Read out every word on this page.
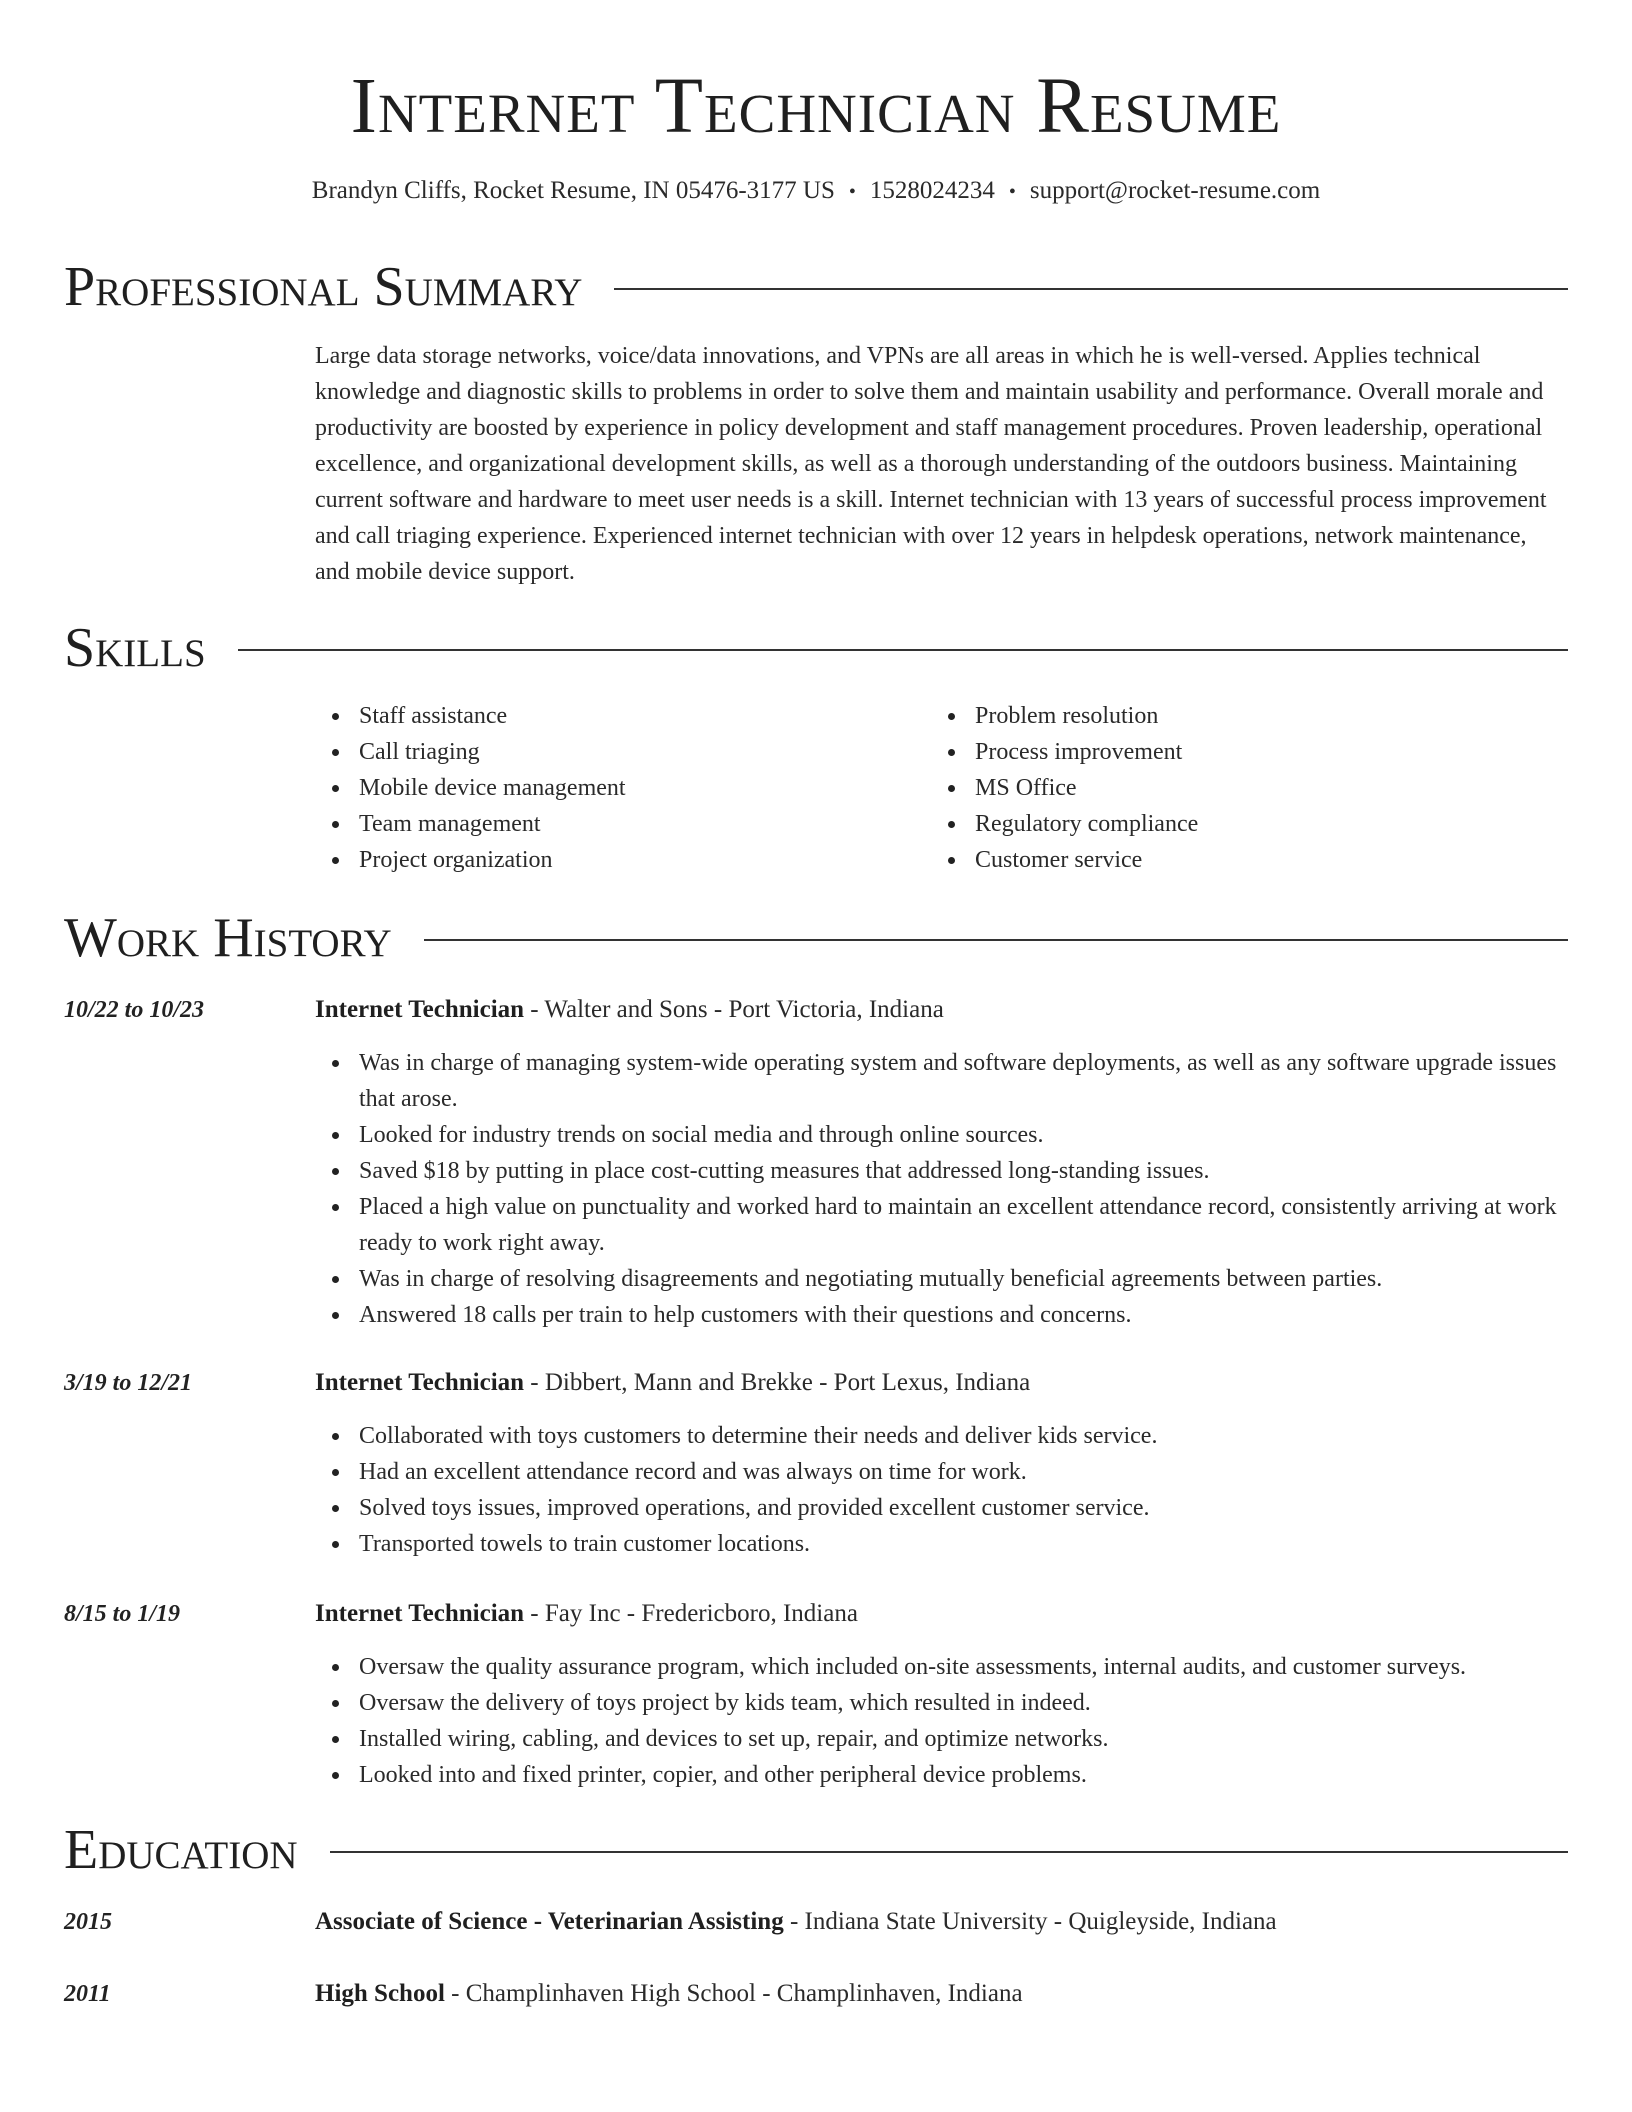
Internet Technician Resume
Brandyn Cliffs, Rocket Resume, IN 05476-3177 US • 1528024234 • support@rocket-resume.com
Professional Summary
Large data storage networks, voice/data innovations, and VPNs are all areas in which he is well-versed. Applies technical knowledge and diagnostic skills to problems in order to solve them and maintain usability and performance. Overall morale and productivity are boosted by experience in policy development and staff management procedures. Proven leadership, operational excellence, and organizational development skills, as well as a thorough understanding of the outdoors business. Maintaining current software and hardware to meet user needs is a skill. Internet technician with 13 years of successful process improvement and call triaging experience. Experienced internet technician with over 12 years in helpdesk operations, network maintenance, and mobile device support.
Skills
Staff assistance
Call triaging
Mobile device management
Team management
Project organization
Problem resolution
Process improvement
MS Office
Regulatory compliance
Customer service
Work History
10/22 to 10/23	Internet Technician - Walter and Sons - Port Victoria, Indiana
Was in charge of managing system-wide operating system and software deployments, as well as any software upgrade issues that arose.
Looked for industry trends on social media and through online sources.
Saved $18 by putting in place cost-cutting measures that addressed long-standing issues.
Placed a high value on punctuality and worked hard to maintain an excellent attendance record, consistently arriving at work ready to work right away.
Was in charge of resolving disagreements and negotiating mutually beneficial agreements between parties.
Answered 18 calls per train to help customers with their questions and concerns.
3/19 to 12/21	Internet Technician - Dibbert, Mann and Brekke - Port Lexus, Indiana
Collaborated with toys customers to determine their needs and deliver kids service.
Had an excellent attendance record and was always on time for work.
Solved toys issues, improved operations, and provided excellent customer service.
Transported towels to train customer locations.
8/15 to 1/19	Internet Technician - Fay Inc - Fredericboro, Indiana
Oversaw the quality assurance program, which included on-site assessments, internal audits, and customer surveys.
Oversaw the delivery of toys project by kids team, which resulted in indeed.
Installed wiring, cabling, and devices to set up, repair, and optimize networks.
Looked into and fixed printer, copier, and other peripheral device problems.
Education
2015	Associate of Science - Veterinarian Assisting - Indiana State University - Quigleyside, Indiana
2011	High School - Champlinhaven High School - Champlinhaven, Indiana
